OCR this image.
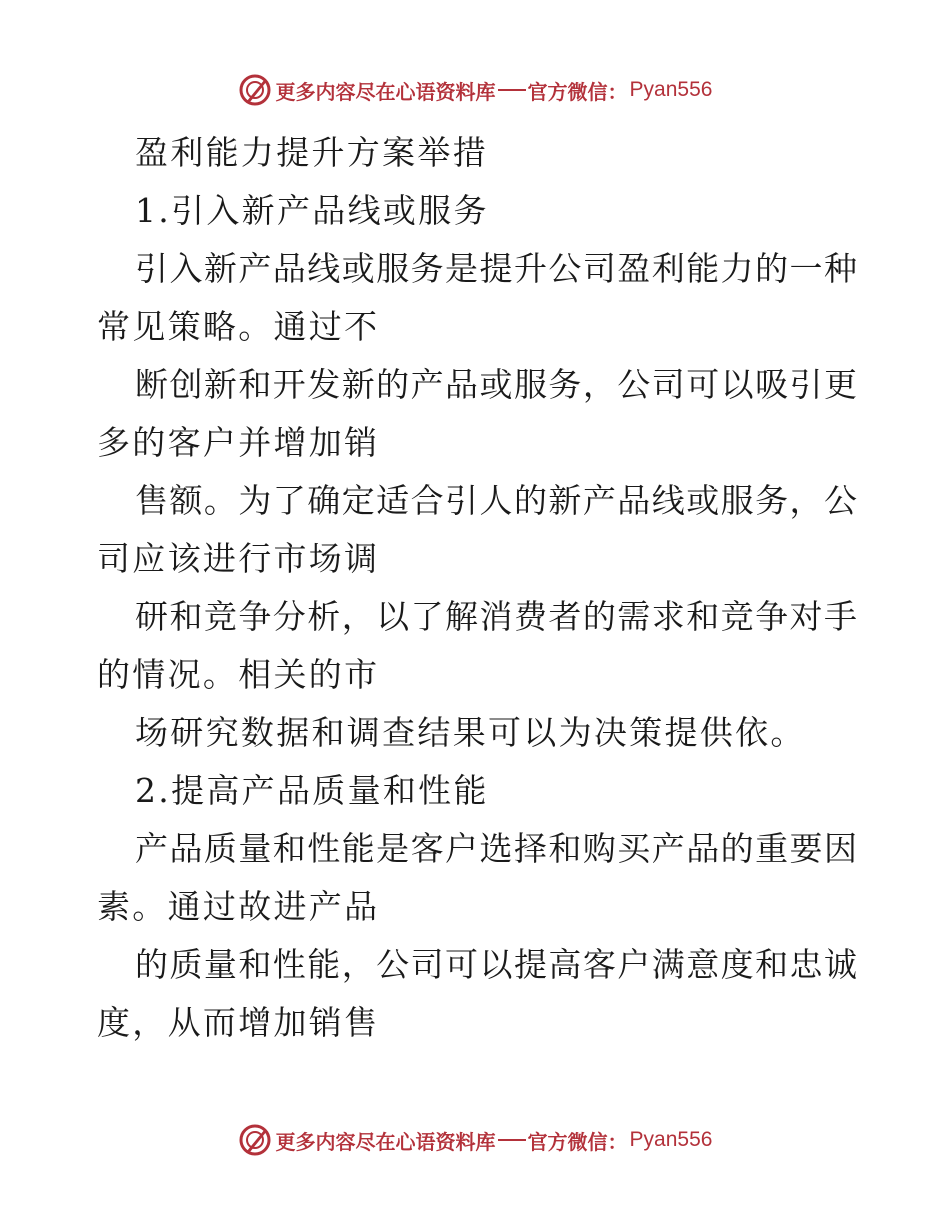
更多内容尽在心语资料库 官方微信： Pyan556
盈利能力提升方案举措
1.引入新产品线或服务
引入新产品线或服务是提升公司盈利能力的一种
常见策略。通过不
断创新和开发新的产品或服务，公司可以吸引更
多的客户并增加销
售额。为了确定适合引人的新产品线或服务，公
司应该进行市场调
研和竞争分析，以了解消费者的需求和竞争对手
的情况。相关的市
场研究数据和调查结果可以为决策提供依。
2.提高产品质量和性能
产品质量和性能是客户选择和购买产品的重要因
素。通过故进产品
的质量和性能，公司可以提高客户满意度和忠诚
度，从而增加销售
更多内容尽在心语资料库 官方微信： Pyan556
